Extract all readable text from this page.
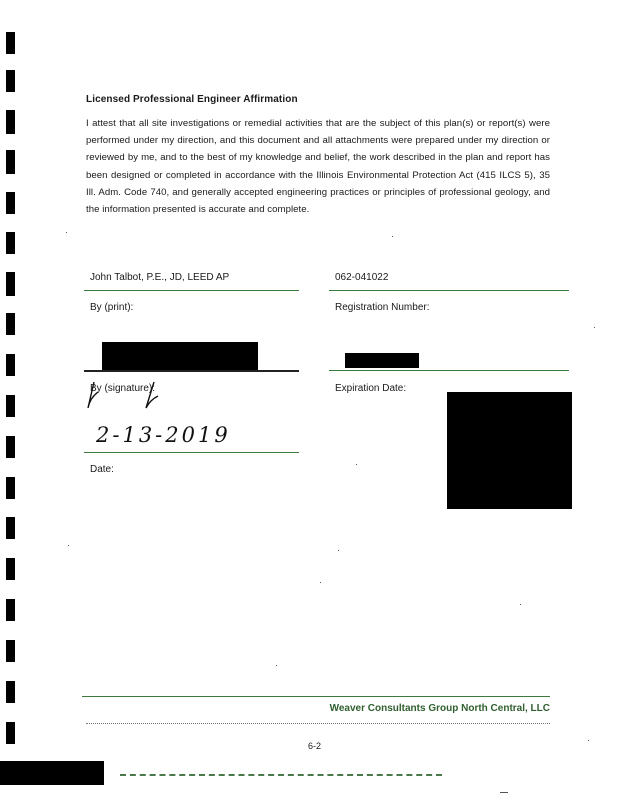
Licensed Professional Engineer Affirmation
I attest that all site investigations or remedial activities that are the subject of this plan(s) or report(s) were performed under my direction, and this document and all attachments were prepared under my direction or reviewed by me, and to the best of my knowledge and belief, the work described in the plan and report has been designed or completed in accordance with the Illinois Environmental Protection Act (415 ILCS 5), 35 Ill. Adm. Code 740, and generally accepted engineering practices or principles of professional geology, and the information presented is accurate and complete.
John Talbot, P.E., JD, LEED AP
By (print):
062-041022
Registration Number:
By (signature):	Expiration Date:
2-13-2019
Date:
Weaver Consultants Group North Central, LLC
6-2
